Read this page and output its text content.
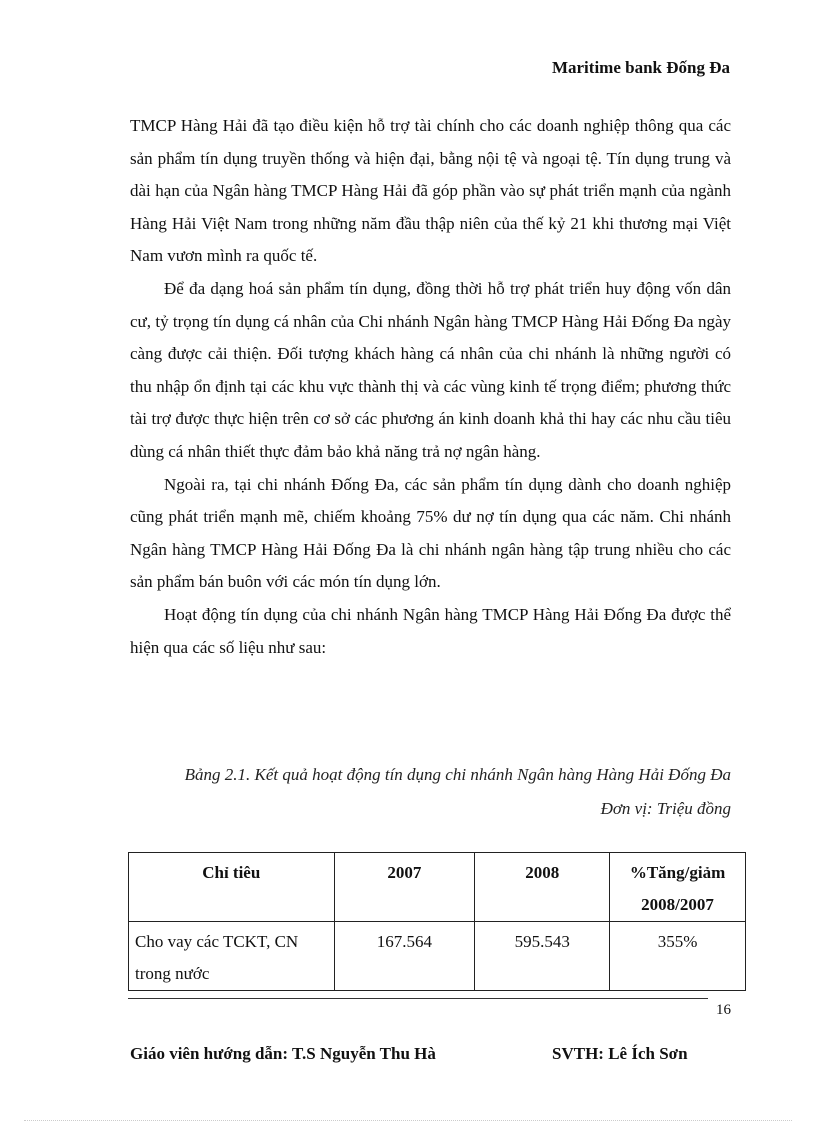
Maritime bank Đống Đa

TMCP Hàng Hải đã tạo điều kiện hỗ trợ tài chính cho các doanh nghiệp thông qua các sản phẩm tín dụng truyền thống và hiện đại, bằng nội tệ và ngoại tệ. Tín dụng trung và dài hạn của Ngân hàng TMCP Hàng Hải đã góp phần vào sự phát triển mạnh của ngành Hàng Hải Việt Nam trong những năm đầu thập niên của thế kỷ 21 khi thương mại Việt Nam vươn mình ra quốc tế.

Để đa dạng hoá sản phẩm tín dụng, đồng thời hỗ trợ phát triển huy động vốn dân cư, tỷ trọng tín dụng cá nhân của Chi nhánh Ngân hàng TMCP Hàng Hải Đống Đa ngày càng được cải thiện. Đối tượng khách hàng cá nhân của chi nhánh là những người có thu nhập ổn định tại các khu vực thành thị và các vùng kinh tế trọng điểm; phương thức tài trợ được thực hiện trên cơ sở các phương án kinh doanh khả thi hay các nhu cầu tiêu dùng cá nhân thiết thực đảm bảo khả năng trả nợ ngân hàng.

Ngoài ra, tại chi nhánh Đống Đa, các sản phẩm tín dụng dành cho doanh nghiệp cũng phát triển mạnh mẽ, chiếm khoảng 75% dư nợ tín dụng qua các năm. Chi nhánh Ngân hàng TMCP Hàng Hải Đống Đa là chi nhánh ngân hàng tập trung nhiều cho các sản phẩm bán buôn với các món tín dụng lớn.

Hoạt động tín dụng của chi nhánh Ngân hàng TMCP Hàng Hải Đống Đa được thể hiện qua các số liệu như sau:

Bảng 2.1. Kết quả hoạt động tín dụng chi nhánh Ngân hàng Hàng Hải Đống Đa
Đơn vị: Triệu đồng
Chỉ tiêu	2007	2008	%Tăng/giảm 2008/2007
Cho vay các TCKT, CN trong nước	167.564	595.543	355%
16
Giáo viên hướng dẫn: T.S Nguyễn Thu Hà	SVTH: Lê Ích Sơn
